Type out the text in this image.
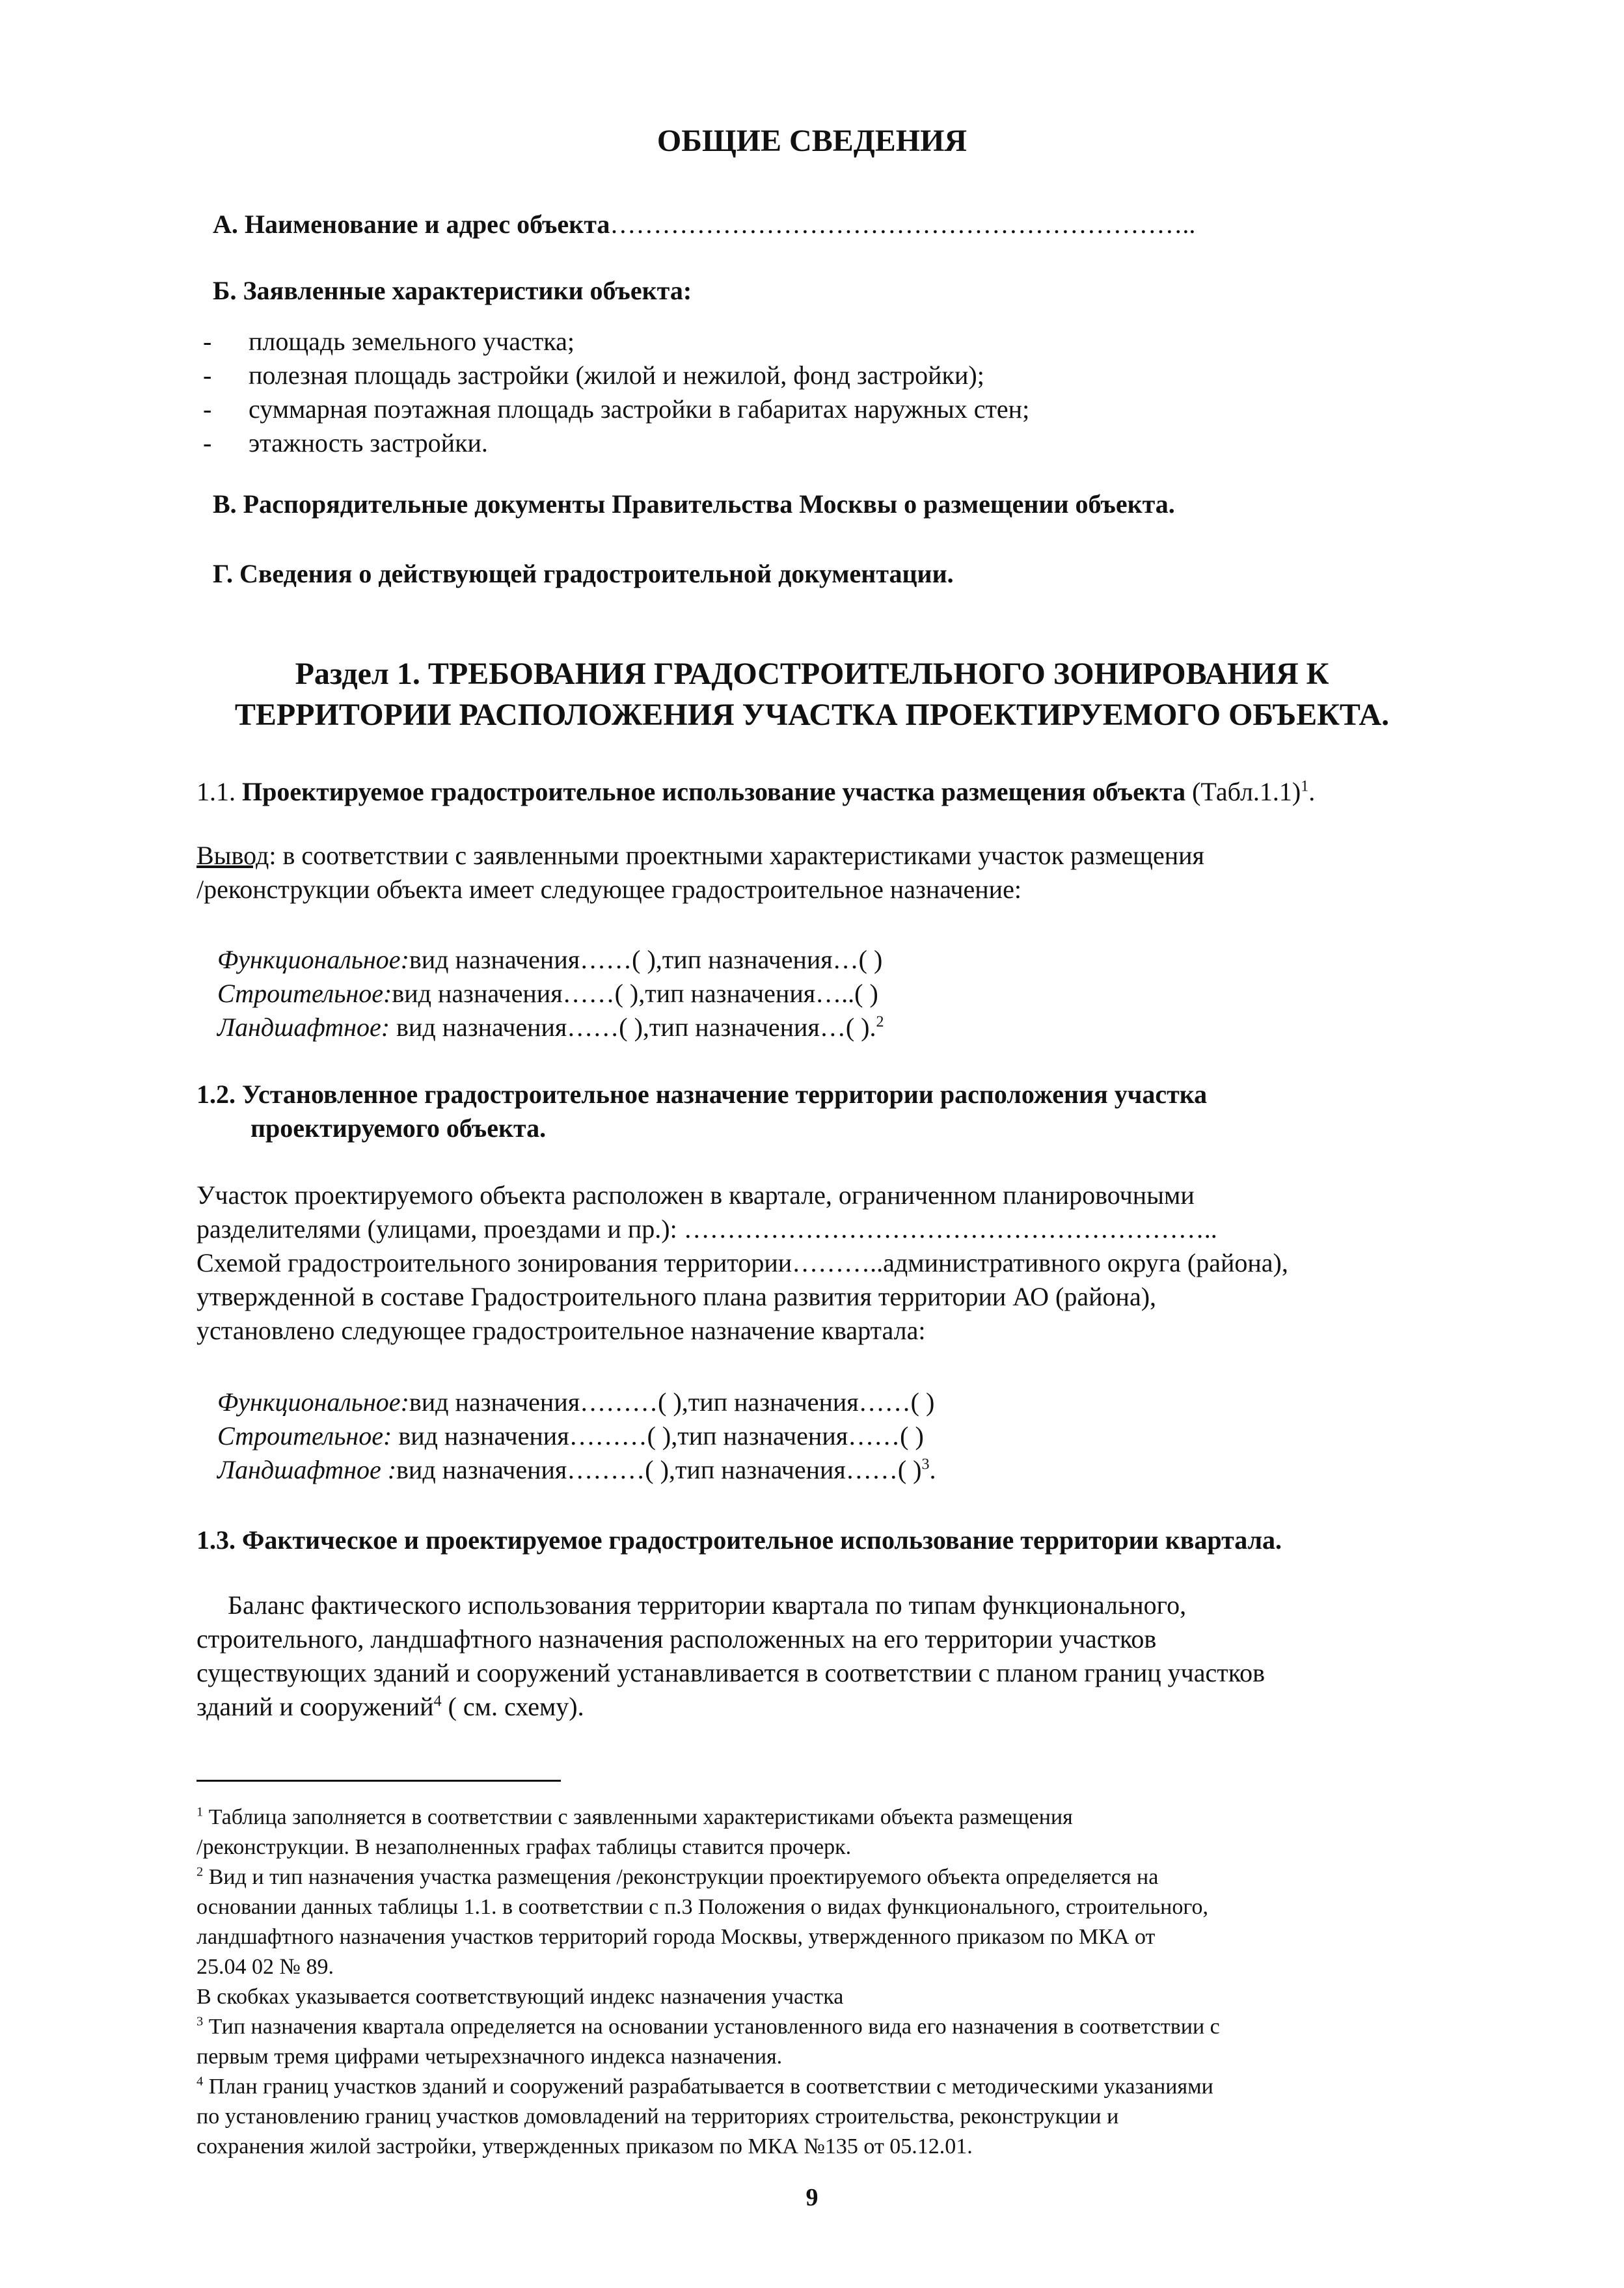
ОБЩИЕ СВЕДЕНИЯ
А. Наименование и адрес объекта…………………………………………………………..
Б. Заявленные характеристики объекта:
- площадь земельного участка;
- полезная площадь застройки (жилой и нежилой, фонд застройки);
- суммарная поэтажная площадь застройки в габаритах наружных стен;
- этажность застройки.
В. Распорядительные документы Правительства Москвы о размещении объекта.
Г. Сведения о действующей градостроительной документации.
Раздел 1. ТРЕБОВАНИЯ ГРАДОСТРОИТЕЛЬНОГО ЗОНИРОВАНИЯ К
ТЕРРИТОРИИ РАСПОЛОЖЕНИЯ УЧАСТКА ПРОЕКТИРУЕМОГО ОБЪЕКТА.
1.1. Проектируемое градостроительное использование участка размещения объекта (Табл.1.1)$^1$.
Вывод: в соответствии с заявленными проектными характеристиками участок размещения
/реконструкции объекта имеет следующее градостроительное назначение:
Функциональное:вид назначения……( ),тип назначения…( )
Строительное:вид назначения……( ),тип назначения…..( )
Ландшафтное: вид назначения……( ),тип назначения…( ).$^2$
1.2. Установленное градостроительное назначение территории расположения участка
проектируемого объекта.
Участок проектируемого объекта расположен в квартале, ограниченном планировочными
разделителями (улицами, проездами и пр.): ……………………………………………………..
Схемой градостроительного зонирования территории………..административного округа (района),
утвержденной в составе Градостроительного плана развития территории АО (района),
установлено следующее градостроительное назначение квартала:
Функциональное:вид назначения………( ),тип назначения……( )
Строительное: вид назначения………( ),тип назначения……( )
Ландшафтное :вид назначения………( ),тип назначения……( )$^3$.
1.3. Фактическое и проектируемое градостроительное использование территории квартала.
Баланс фактического использования территории квартала по типам функционального,
строительного, ландшафтного назначения расположенных на его территории участков
существующих зданий и сооружений устанавливается в соответствии с планом границ участков
зданий и сооружений$^4$ ( см. схему).
$^1$ Таблица заполняется в соответствии с заявленными характеристиками объекта размещения
/реконструкции. В незаполненных графах таблицы ставится прочерк.
$^2$ Вид и тип назначения участка размещения /реконструкции проектируемого объекта определяется на
основании данных таблицы 1.1. в соответствии с п.3 Положения о видах функционального, строительного,
ландшафтного назначения участков территорий города Москвы, утвержденного приказом по МКА от
25.04 02 № 89.
В скобках указывается соответствующий индекс назначения участка
$^3$ Тип назначения квартала определяется на основании установленного вида его назначения в соответствии с
первым тремя цифрами четырехзначного индекса назначения.
$^4$ План границ участков зданий и сооружений разрабатывается в соответствии с методическими указаниями
по установлению границ участков домовладений на территориях строительства, реконструкции и
сохранения жилой застройки, утвержденных приказом по МКА №135 от 05.12.01.
9
